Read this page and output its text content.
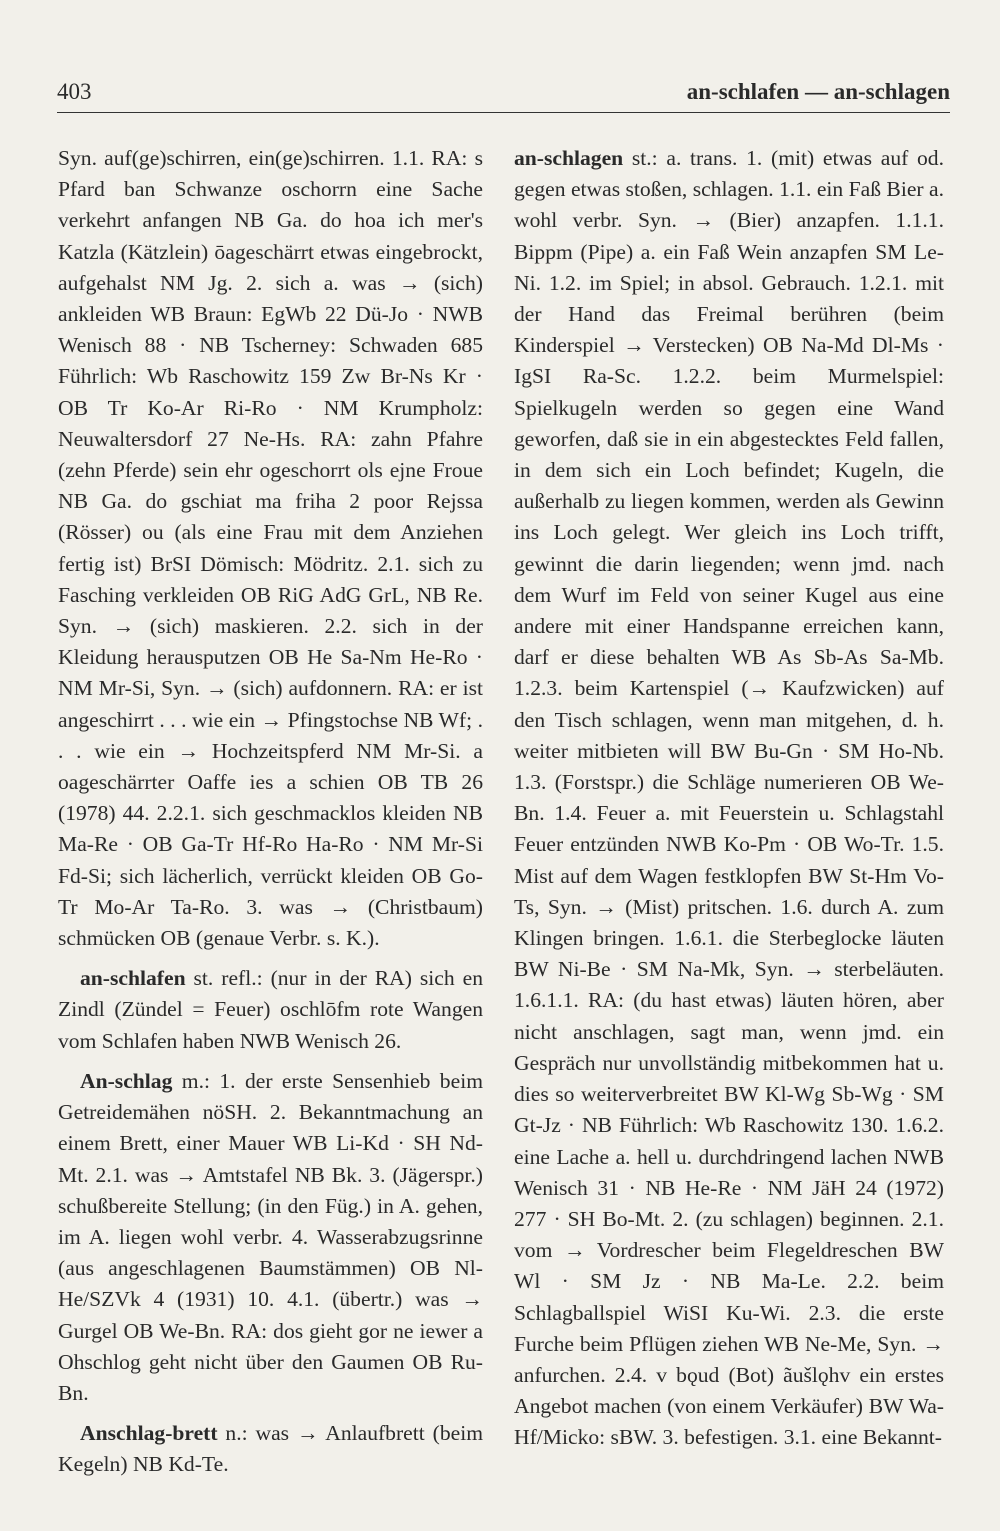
403	an-schlafen — an-schlagen

Syn. auf(ge)schirren, ein(ge)schirren. 1.1. RA: s Pfard ban Schwanze oschorrn eine Sache verkehrt anfangen NB Ga. do hoa ich mer's Katzla (Kätzlein) ōageschärrt etwas eingebrockt, aufgehalst NM Jg. 2. sich a. was → (sich) ankleiden WB Braun: EgWb 22 Dü-Jo · NWB Wenisch 88 · NB Tscherney: Schwaden 685 Führlich: Wb Raschowitz 159 Zw Br-Ns Kr · OB Tr Ko-Ar Ri-Ro · NM Krumpholz: Neuwaltersdorf 27 Ne-Hs. RA: zahn Pfahre (zehn Pferde) sein ehr ogeschorrt ols ejne Froue NB Ga. do gschiat ma friha 2 poor Rejssa (Rösser) ou (als eine Frau mit dem Anziehen fertig ist) BrSI Dömisch: Mödritz. 2.1. sich zu Fasching verkleiden OB RiG AdG GrL, NB Re. Syn. → (sich) maskieren. 2.2. sich in der Kleidung herausputzen OB He Sa-Nm He-Ro · NM Mr-Si, Syn. → (sich) aufdonnern. RA: er ist angeschirrt . . . wie ein → Pfingstochse NB Wf; . . . wie ein → Hochzeitspferd NM Mr-Si. a oageschärrter Oaffe ies a schien OB TB 26 (1978) 44. 2.2.1. sich geschmacklos kleiden NB Ma-Re · OB Ga-Tr Hf-Ro Ha-Ro · NM Mr-Si Fd-Si; sich lächerlich, verrückt kleiden OB Go-Tr Mo-Ar Ta-Ro. 3. was → (Christbaum) schmücken OB (genaue Verbr. s. K.).

an-schlafen st. refl.: (nur in der RA) sich en Zindl (Zündel = Feuer) oschlōfm rote Wangen vom Schlafen haben NWB Wenisch 26.

An-schlag m.: 1. der erste Sensenhieb beim Getreidemähen nöSH. 2. Bekanntmachung an einem Brett, einer Mauer WB Li-Kd · SH Nd-Mt. 2.1. was → Amtstafel NB Bk. 3. (Jägerspr.) schußbereite Stellung; (in den Füg.) in A. gehen, im A. liegen wohl verbr. 4. Wasserabzugsrinne (aus angeschlagenen Baumstämmen) OB Nl-He/SZVk 4 (1931) 10. 4.1. (übertr.) was → Gurgel OB We-Bn. RA: dos gieht gor ne iewer a Ohschlog geht nicht über den Gaumen OB Ru-Bn.

Anschlag-brett n.: was → Anlaufbrett (beim Kegeln) NB Kd-Te.

an-schlagen st.: a. trans. 1. (mit) etwas auf od. gegen etwas stoßen, schlagen. 1.1. ein Faß Bier a. wohl verbr. Syn. → (Bier) anzapfen. 1.1.1. Bippm (Pipe) a. ein Faß Wein anzapfen SM Le-Ni. 1.2. im Spiel; in absol. Gebrauch. 1.2.1. mit der Hand das Freimal berühren (beim Kinderspiel → Verstecken) OB Na-Md Dl-Ms · IgSI Ra-Sc. 1.2.2. beim Murmelspiel: Spielkugeln werden so gegen eine Wand geworfen, daß sie in ein abgestecktes Feld fallen, in dem sich ein Loch befindet; Kugeln, die außerhalb zu liegen kommen, werden als Gewinn ins Loch gelegt. Wer gleich ins Loch trifft, gewinnt die darin liegenden; wenn jmd. nach dem Wurf im Feld von seiner Kugel aus eine andere mit einer Handspanne erreichen kann, darf er diese behalten WB As Sb-As Sa-Mb. 1.2.3. beim Kartenspiel (→ Kaufzwicken) auf den Tisch schlagen, wenn man mitgehen, d. h. weiter mitbieten will BW Bu-Gn · SM Ho-Nb. 1.3. (Forstspr.) die Schläge numerieren OB We-Bn. 1.4. Feuer a. mit Feuerstein u. Schlagstahl Feuer entzünden NWB Ko-Pm · OB Wo-Tr. 1.5. Mist auf dem Wagen festklopfen BW St-Hm Vo-Ts, Syn. → (Mist) pritschen. 1.6. durch A. zum Klingen bringen. 1.6.1. die Sterbeglocke läuten BW Ni-Be · SM Na-Mk, Syn. → sterbeläuten. 1.6.1.1. RA: (du hast etwas) läuten hören, aber nicht anschlagen, sagt man, wenn jmd. ein Gespräch nur unvollständig mitbekommen hat u. dies so weiterverbreitet BW Kl-Wg Sb-Wg · SM Gt-Jz · NB Führlich: Wb Raschowitz 130. 1.6.2. eine Lache a. hell u. durchdringend lachen NWB Wenisch 31 · NB He-Re · NM JäH 24 (1972) 277 · SH Bo-Mt. 2. (zu schlagen) beginnen. 2.1. vom → Vordrescher beim Flegeldreschen BW Wl · SM Jz · NB Ma-Le. 2.2. beim Schlagballspiel WiSI Ku-Wi. 2.3. die erste Furche beim Pflügen ziehen WB Ne-Me, Syn. → anfurchen. 2.4. v bǫud (Bot) ãušlǫhv ein erstes Angebot machen (von einem Verkäufer) BW Wa-Hf/Micko: sBW. 3. befestigen. 3.1. eine Bekannt-
